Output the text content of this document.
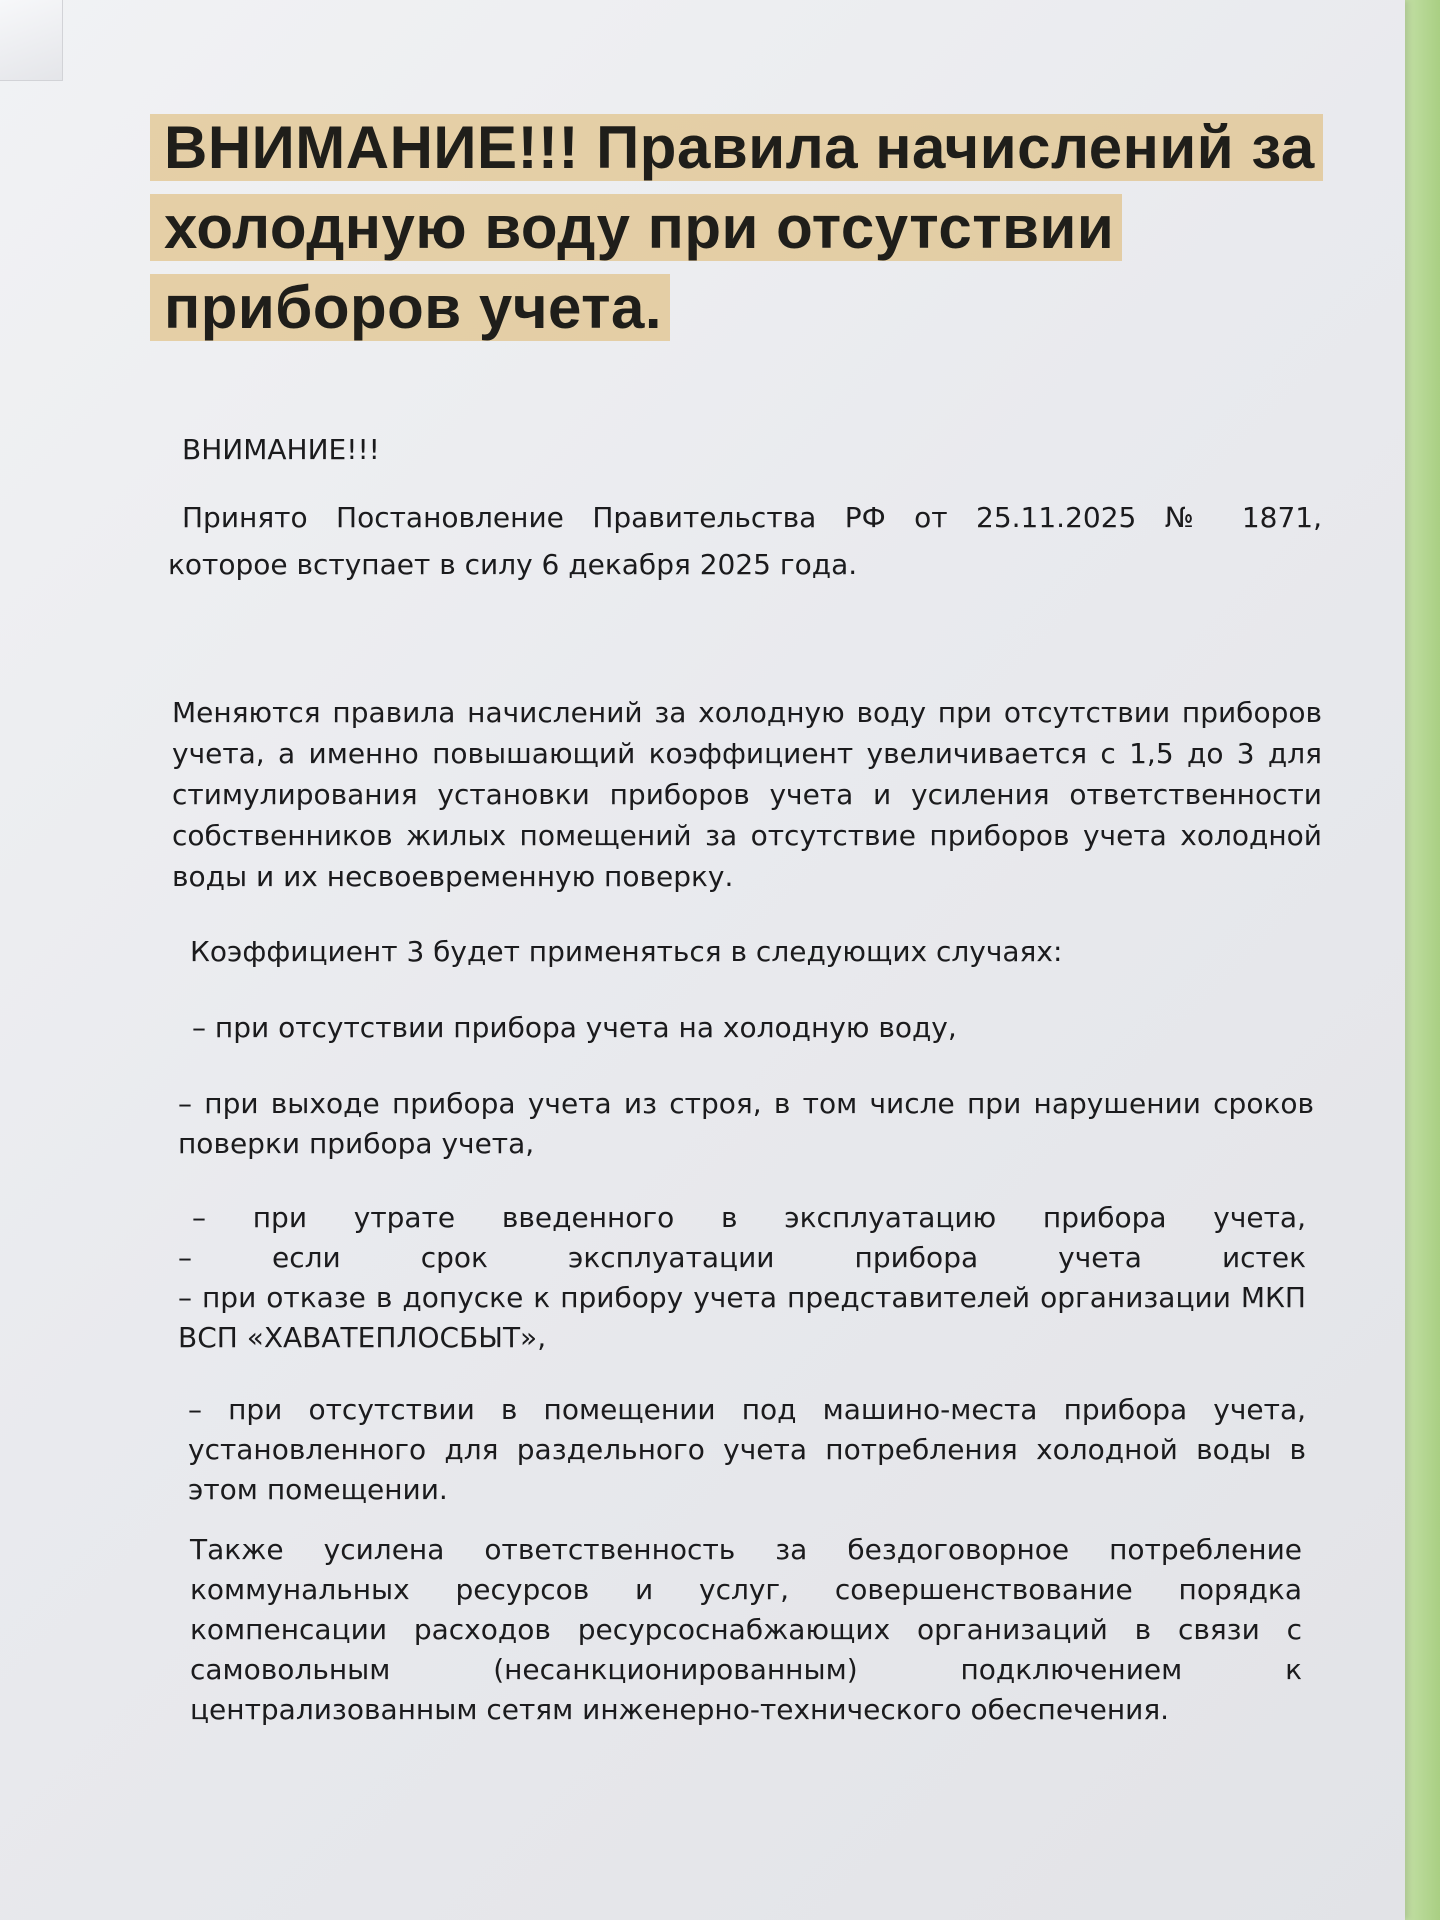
ВНИМАНИЕ!!! Правила начислений за холодную воду при отсутствии приборов учета.

ВНИМАНИЕ!!!

Принято Постановление Правительства РФ от 25.11.2025 № 1871,

которое вступает в силу 6 декабря 2025 года.

Меняются правила начислений за холодную воду при отсутствии приборов учета, а именно повышающий коэффициент увеличивается с 1,5 до 3 для стимулирования установки приборов учета и усиления ответственности собственников жилых помещений за отсутствие приборов учета холодной воды и их несвоевременную поверку.

Коэффициент 3 будет применяться в следующих случаях:

– при отсутствии прибора учета на холодную воду,

– при выходе прибора учета из строя, в том числе при нарушении сроков поверки прибора учета,

– при утрате введенного в эксплуатацию прибора учета,

– если срок эксплуатации прибора учета истек

– при отказе в допуске к прибору учета представителей организации МКП ВСП «ХАВАТЕПЛОСБЫТ»,

– при отсутствии в помещении под машино-места прибора учета, установленного для раздельного учета потребления холодной воды в этом помещении.

Также усилена ответственность за бездоговорное потребление коммунальных ресурсов и услуг, совершенствование порядка компенсации расходов ресурсоснабжающих организаций в связи с самовольным (несанкционированным) подключением к централизованным сетям инженерно-технического обеспечения.
